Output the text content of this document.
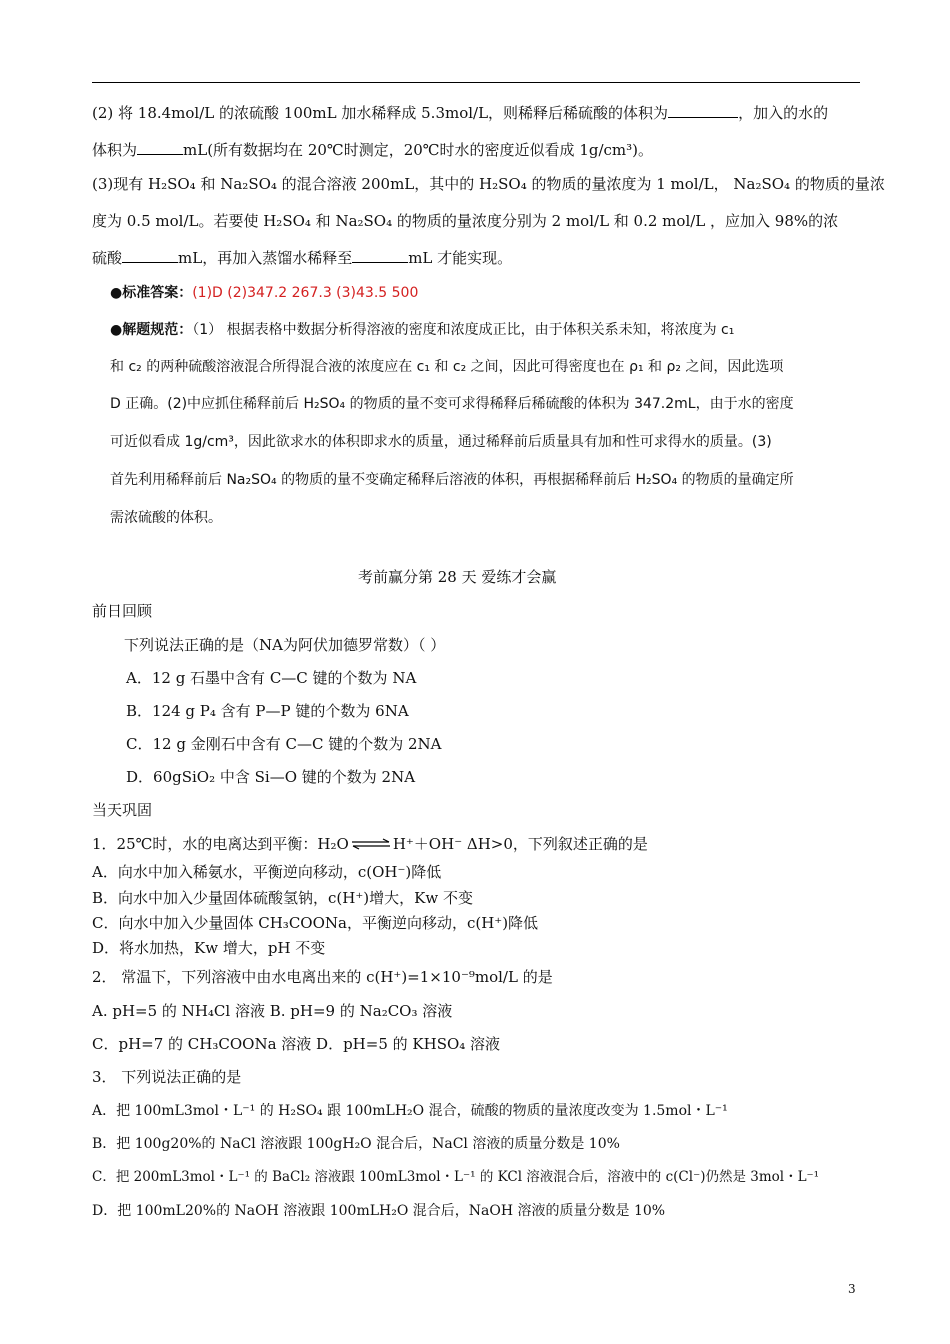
(2) 将 18.4mol/L 的浓硫酸 100mL 加水稀释成 5.3mol/L，则稀释后稀硫酸的体积为	，加入的水的
体积为	mL(所有数据均在 20℃时测定，20℃时水的密度近似看成 1g/cm³)。
(3)现有 H₂SO₄ 和 Na₂SO₄ 的混合溶液 200mL，其中的 H₂SO₄ 的物质的量浓度为 1 mol/L， Na₂SO₄ 的物质的量浓
度为 0.5 mol/L。若要使 H₂SO₄ 和 Na₂SO₄ 的物质的量浓度分别为 2 mol/L 和 0.2 mol/L ，应加入 98%的浓
硫酸	mL，再加入蒸馏水稀释至	mL 才能实现。
●标准答案：(1)D (2)347.2 267.3 (3)43.5 500
●解题规范：（1） 根据表格中数据分析得溶液的密度和浓度成正比，由于体积关系未知，将浓度为 c₁
和 c₂ 的两种硫酸溶液混合所得混合液的浓度应在 c₁ 和 c₂ 之间，因此可得密度也在 ρ₁ 和 ρ₂ 之间，因此选项
D 正确。(2)中应抓住稀释前后 H₂SO₄ 的物质的量不变可求得稀释后稀硫酸的体积为 347.2mL，由于水的密度
可近似看成 1g/cm³，因此欲求水的体积即求水的质量，通过稀释前后质量具有加和性可求得水的质量。(3)
首先利用稀释前后 Na₂SO₄ 的物质的量不变确定稀释后溶液的体积，再根据稀释前后 H₂SO₄ 的物质的量确定所
需浓硫酸的体积。
考前赢分第 28 天 爱练才会赢
前日回顾
下列说法正确的是（NA为阿伏加德罗常数）（ ）
A．12 g 石墨中含有 C—C 键的个数为 NA
B．124 g P₄ 含有 P—P 键的个数为 6NA
C．12 g 金刚石中含有 C—C 键的个数为 2NA
D．60gSiO₂ 中含 Si—O 键的个数为 2NA
当天巩固
1．25℃时，水的电离达到平衡：H₂O ⇌ H⁺＋OH⁻ ΔH>0，下列叙述正确的是
A．向水中加入稀氨水，平衡逆向移动，c(OH⁻)降低
B．向水中加入少量固体硫酸氢钠，c(H⁺)增大，Kw 不变
C．向水中加入少量固体 CH₃COONa，平衡逆向移动，c(H⁺)降低
D．将水加热，Kw 增大，pH 不变
2． 常温下，下列溶液中由水电离出来的 c(H⁺)=1×10⁻⁹mol/L 的是
A. pH=5 的 NH₄Cl 溶液 B. pH=9 的 Na₂CO₃ 溶液
C．pH=7 的 CH₃COONa 溶液 D．pH=5 的 KHSO₄ 溶液
3． 下列说法正确的是
A．把 100mL3mol・L⁻¹ 的 H₂SO₄ 跟 100mLH₂O 混合，硫酸的物质的量浓度改变为 1.5mol・L⁻¹
B．把 100g20%的 NaCl 溶液跟 100gH₂O 混合后，NaCl 溶液的质量分数是 10%
C．把 200mL3mol・L⁻¹ 的 BaCl₂ 溶液跟 100mL3mol・L⁻¹ 的 KCl 溶液混合后，溶液中的 c(Cl⁻)仍然是 3mol・L⁻¹
D．把 100mL20%的 NaOH 溶液跟 100mLH₂O 混合后，NaOH 溶液的质量分数是 10%
3
